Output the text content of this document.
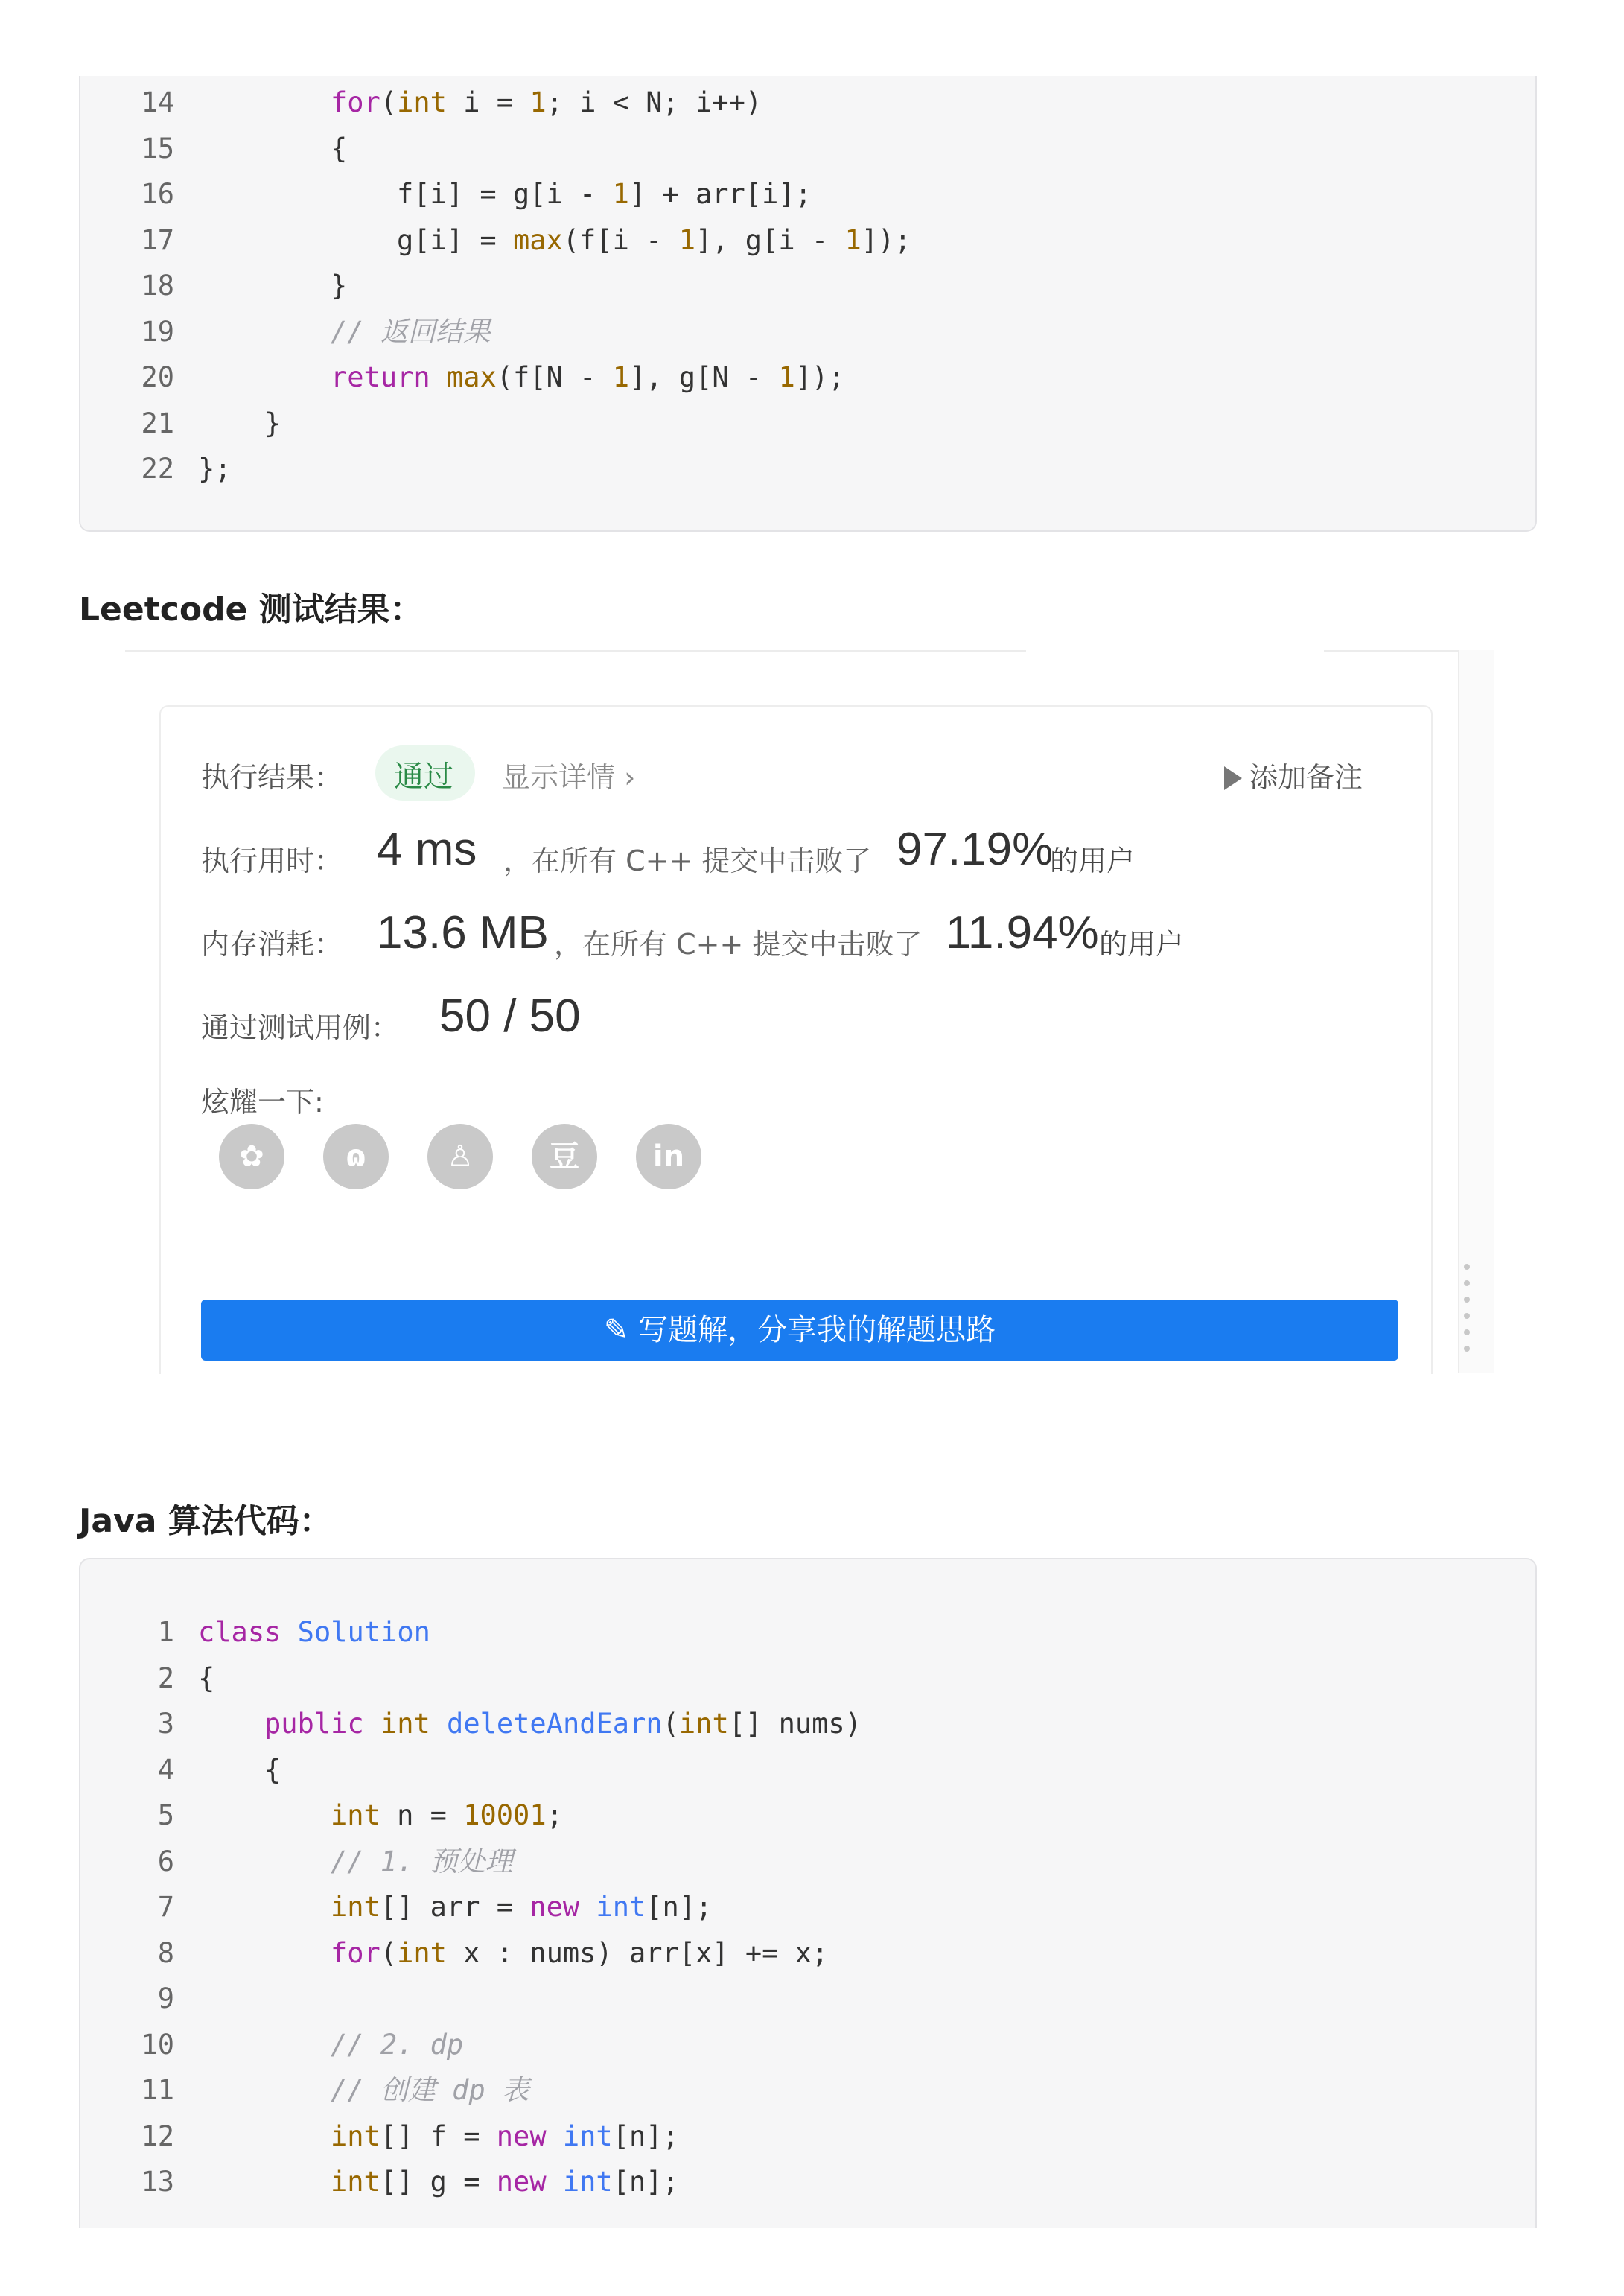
14	for(int i = 1; i < N; i++)
15	{
16	f[i] = g[i - 1] + arr[i];
17	g[i] = max(f[i - 1], g[i - 1]);
18	}
19	// 返回结果
20	return max(f[N - 1], g[N - 1]);
21	}
22 };
Leetcode 测试结果：
执行结果： 通过 显示详情 ›	添加备注
执行用时： 4 ms ，在所有 C++ 提交中击败了 97.19%
的用户
内存消耗： 13.6 MB ，在所有 C++ 提交中击败了 11.94% 的用户
通过测试用例： 50 / 50
炫耀一下:
✿	ɷ	♙	豆	in
✎ 写题解，分享我的解题思路
Java 算法代码：
1 class Solution
2 {
3	public int deleteAndEarn(int[] nums)
4	{
5	int n = 10001;
6	// 1. 预处理
7	int[] arr = new int[n];
8	for(int x : nums) arr[x] += x;
9
10	// 2. dp
11	// 创建 dp 表
12	int[] f = new int[n];
13	int[] g = new int[n];
